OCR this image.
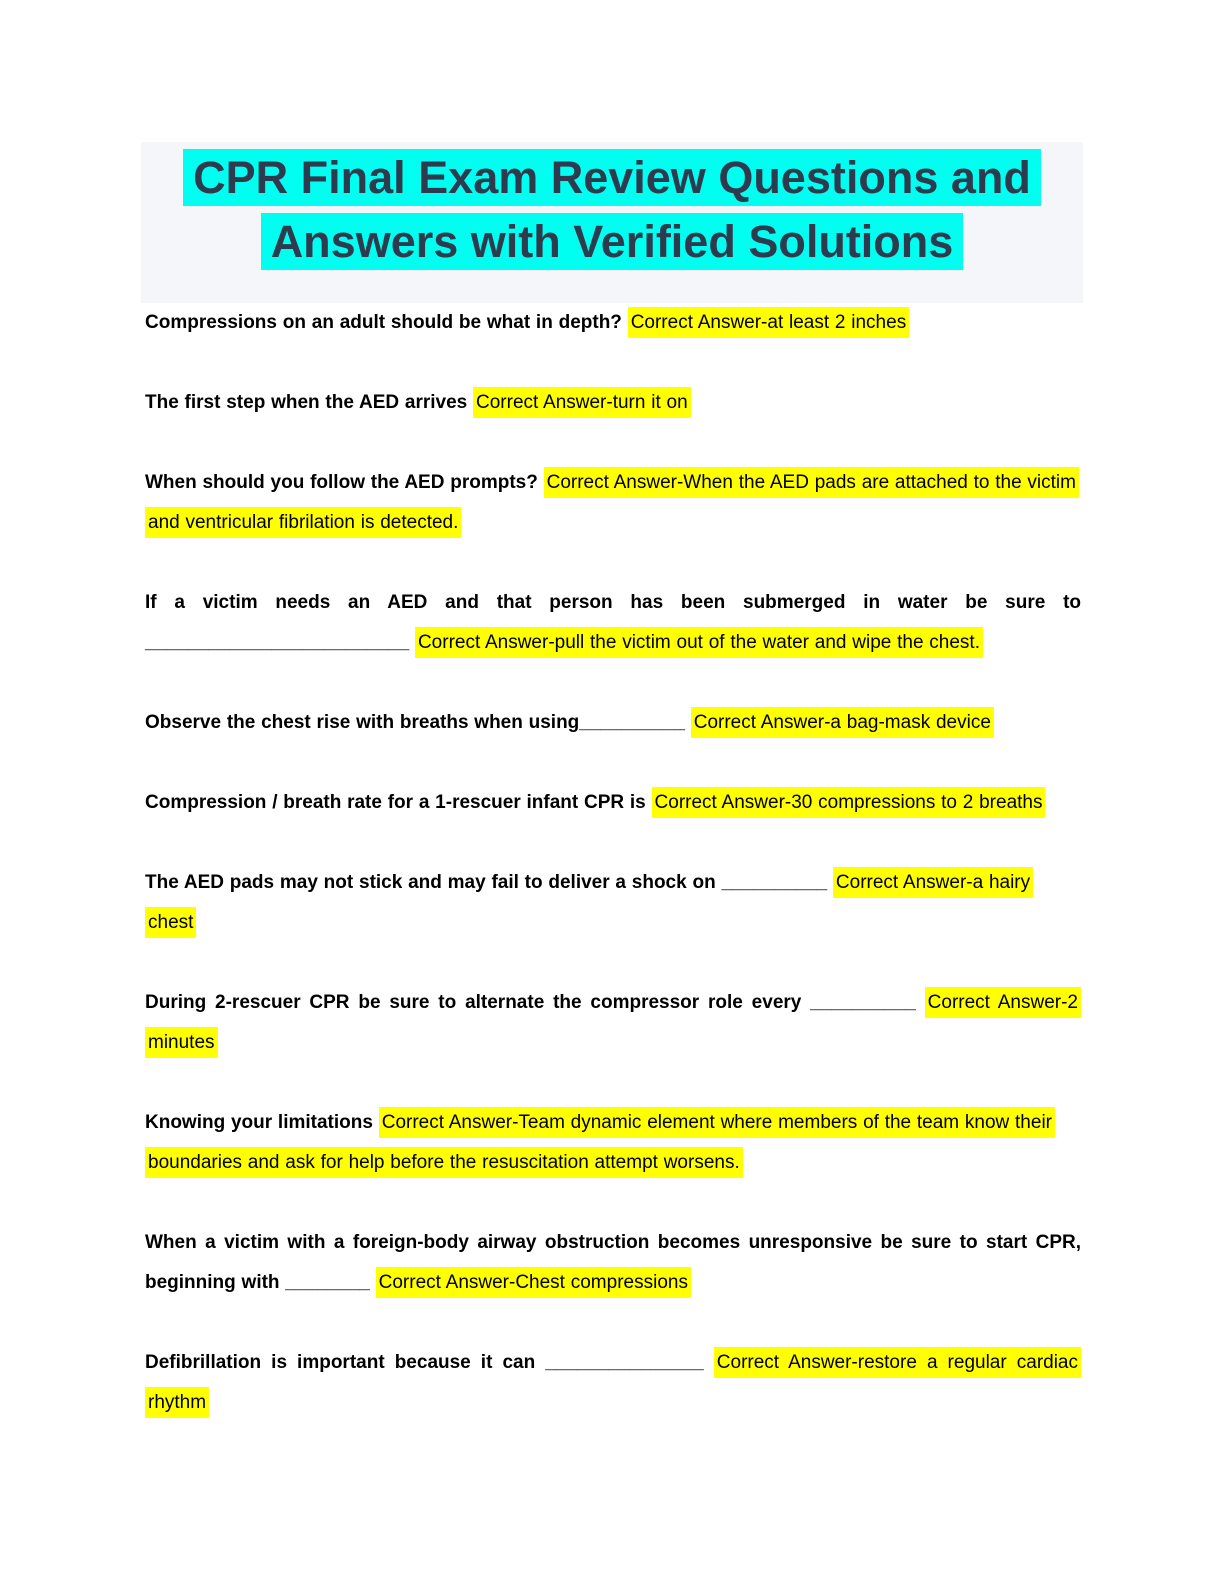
CPR Final Exam Review Questions and
Answers with Verified Solutions

Compressions on an adult should be what in depth? Correct Answer-at least 2 inches

The first step when the AED arrives Correct Answer-turn it on

When should you follow the AED prompts? Correct Answer-When the AED pads are attached to the victim and ventricular fibrilation is detected.

If a victim needs an AED and that person has been submerged in water be sure to _________________________ Correct Answer-pull the victim out of the water and wipe the chest.

Observe the chest rise with breaths when using__________ Correct Answer-a bag-mask device

Compression / breath rate for a 1-rescuer infant CPR is Correct Answer-30 compressions to 2 breaths

The AED pads may not stick and may fail to deliver a shock on __________ Correct Answer-a hairy chest

During 2-rescuer CPR be sure to alternate the compressor role every __________ Correct Answer-2 minutes

Knowing your limitations Correct Answer-Team dynamic element where members of the team know their boundaries and ask for help before the resuscitation attempt worsens.

When a victim with a foreign-body airway obstruction becomes unresponsive be sure to start CPR, beginning with ________ Correct Answer-Chest compressions

Defibrillation is important because it can _______________ Correct Answer-restore a regular cardiac rhythm
